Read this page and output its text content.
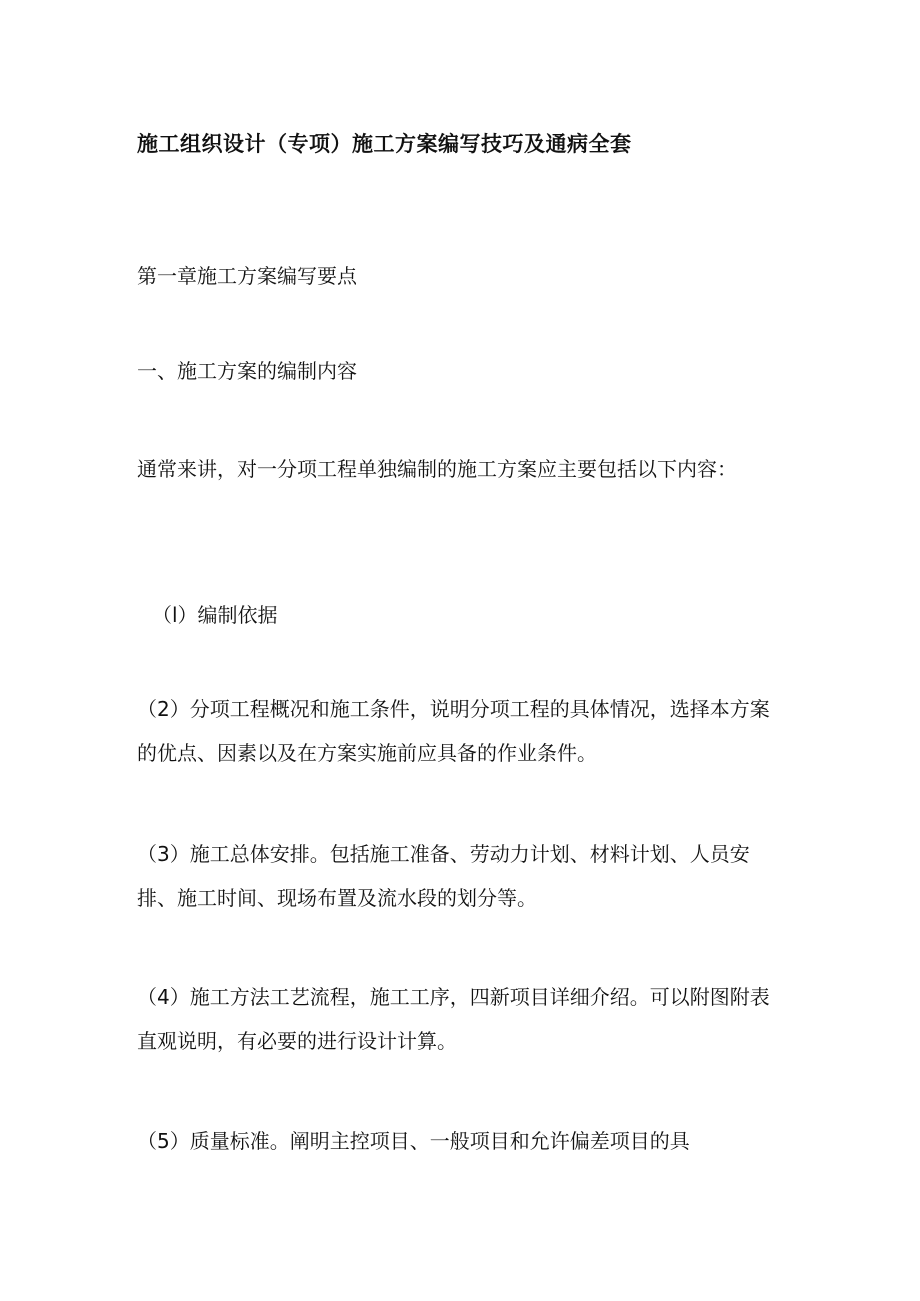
施工组织设计（专项）施工方案编写技巧及通病全套

第一章施工方案编写要点

一、施工方案的编制内容

通常来讲，对一分项工程单独编制的施工方案应主要包括以下内容：

（l）编制依据

（2）分项工程概况和施工条件，说明分项工程的具体情况，选择本方案的优点、因素以及在方案实施前应具备的作业条件。

（3）施工总体安排。包括施工准备、劳动力计划、材料计划、人员安排、施工时间、现场布置及流水段的划分等。

（4）施工方法工艺流程，施工工序，四新项目详细介绍。可以附图附表直观说明，有必要的进行设计计算。

（5）质量标准。阐明主控项目、一般项目和允许偏差项目的具
